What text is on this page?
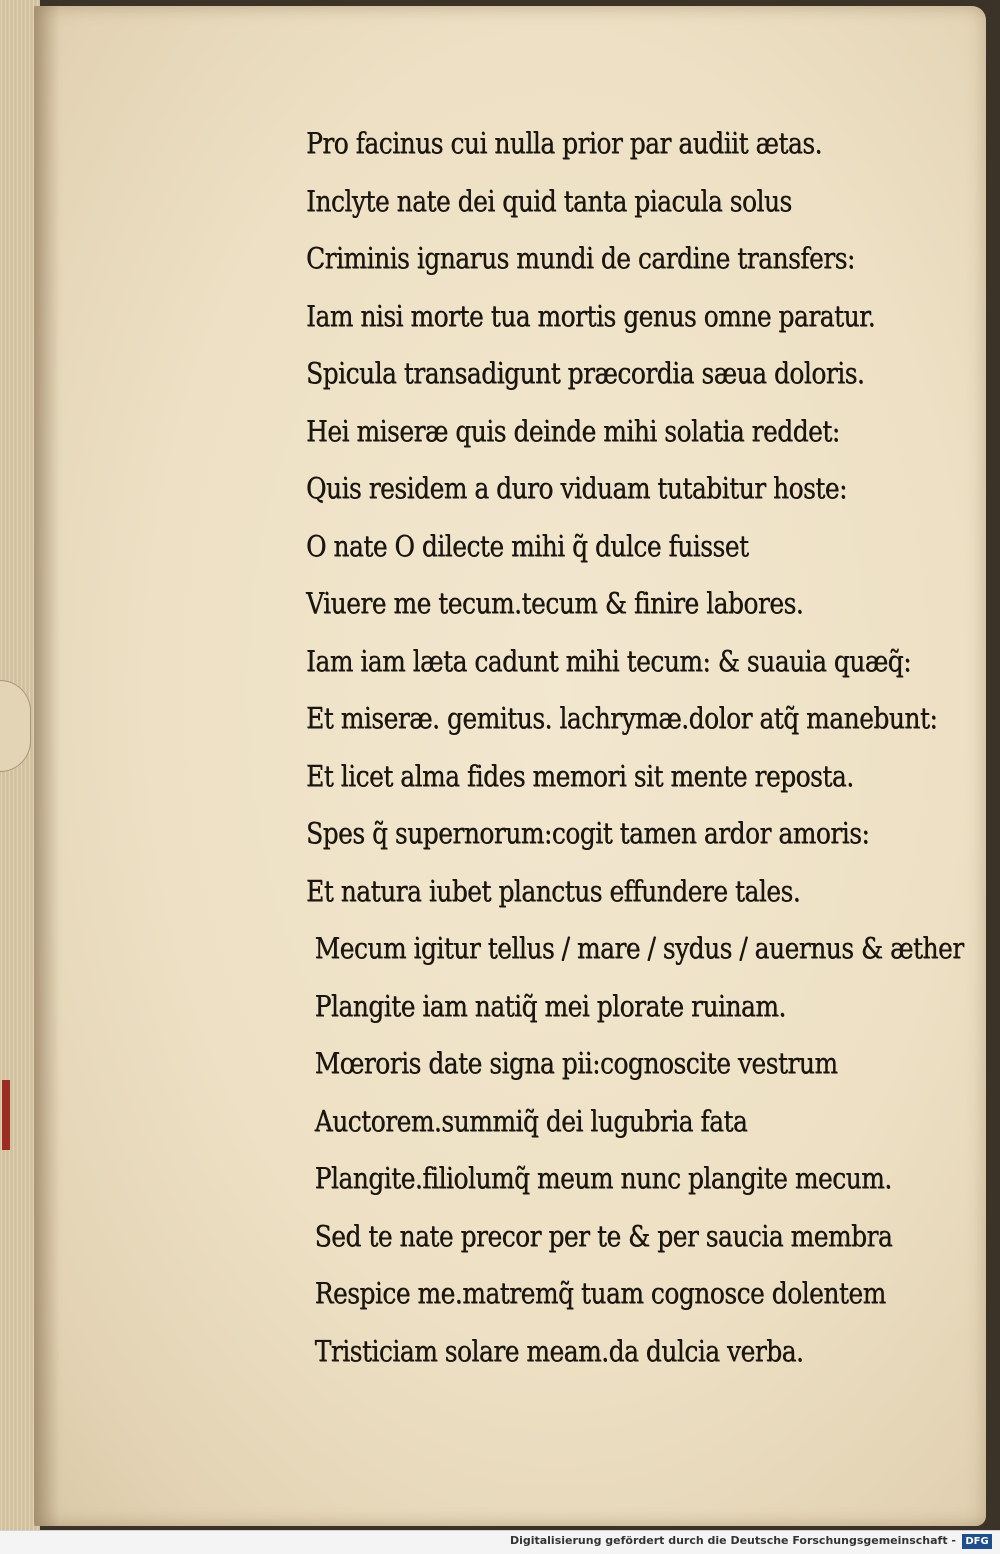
Pro facinus cui nulla prior par audiit ætas.
Inclyte nate dei quid tanta piacula solus
Criminis ignarus mundi de cardine transfers:
Iam nisi morte tua mortis genus omne paratur.
Spicula transadigunt præcordia sæua doloris.
Hei miseræ quis deinde mihi solatia reddet:
Quis residem a duro viduam tutabitur hoste:
O nate O dilecte mihi q̃ dulce fuisset
Viuere me tecum.tecum & finire labores.
Iam iam læta cadunt mihi tecum: & suauia quæq̃:
Et miseræ. gemitus. lachrymæ.dolor atq̃ manebunt:
Et licet alma fides memori sit mente reposta.
Spes q̃ supernorum:cogit tamen ardor amoris:
Et natura iubet planctus effundere tales.
Mecum igitur tellus / mare / sydus / auernus & æther
Plangite iam natiq̃ mei plorate ruinam.
Mœroris date signa pii:cognoscite vestrum
Auctorem.summiq̃ dei lugubria fata
Plangite.filiolumq̃ meum nunc plangite mecum.
Sed te nate precor per te & per saucia membra
Respice me.matremq̃ tuam cognosce dolentem
Tristiciam solare meam.da dulcia verba.
Digitalisierung gefördert durch die Deutsche Forschungsgemeinschaft - DFG
